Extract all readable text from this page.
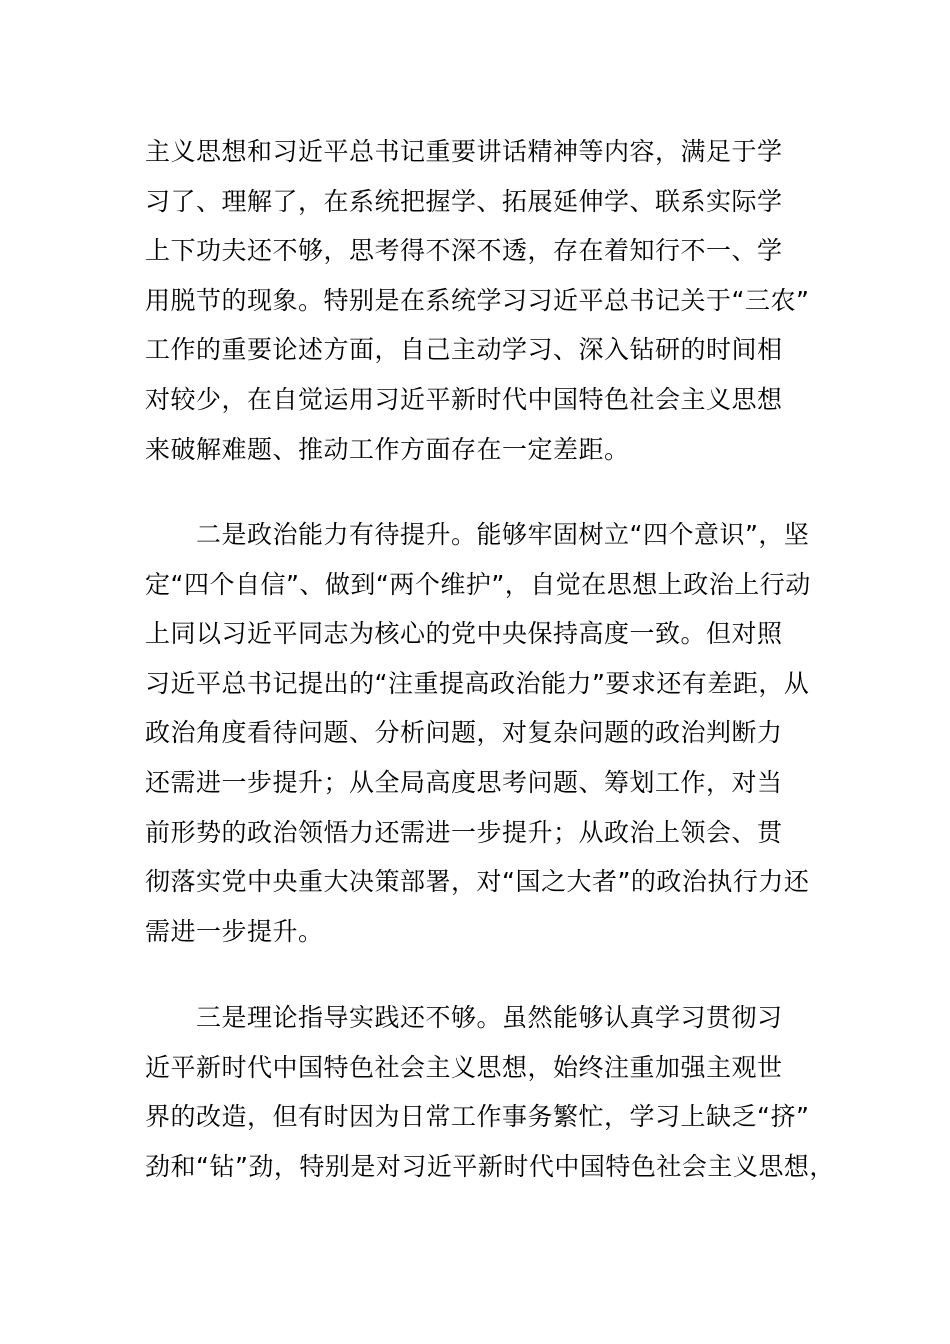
主义思想和习近平总书记重要讲话精神等内容，满足于学
习了、理解了，在系统把握学、拓展延伸学、联系实际学
上下功夫还不够，思考得不深不透，存在着知行不一、学
用脱节的现象。特别是在系统学习习近平总书记关于“三农”
工作的重要论述方面，自己主动学习、深入钻研的时间相
对较少，在自觉运用习近平新时代中国特色社会主义思想
来破解难题、推动工作方面存在一定差距。

　　二是政治能力有待提升。能够牢固树立“四个意识”，坚
定“四个自信”、做到“两个维护”，自觉在思想上政治上行动
上同以习近平同志为核心的党中央保持高度一致。但对照
习近平总书记提出的“注重提高政治能力”要求还有差距，从
政治角度看待问题、分析问题，对复杂问题的政治判断力
还需进一步提升；从全局高度思考问题、筹划工作，对当
前形势的政治领悟力还需进一步提升；从政治上领会、贯
彻落实党中央重大决策部署，对“国之大者”的政治执行力还
需进一步提升。

　　三是理论指导实践还不够。虽然能够认真学习贯彻习
近平新时代中国特色社会主义思想，始终注重加强主观世
界的改造，但有时因为日常工作事务繁忙，学习上缺乏“挤”
劲和“钻”劲，特别是对习近平新时代中国特色社会主义思想，
